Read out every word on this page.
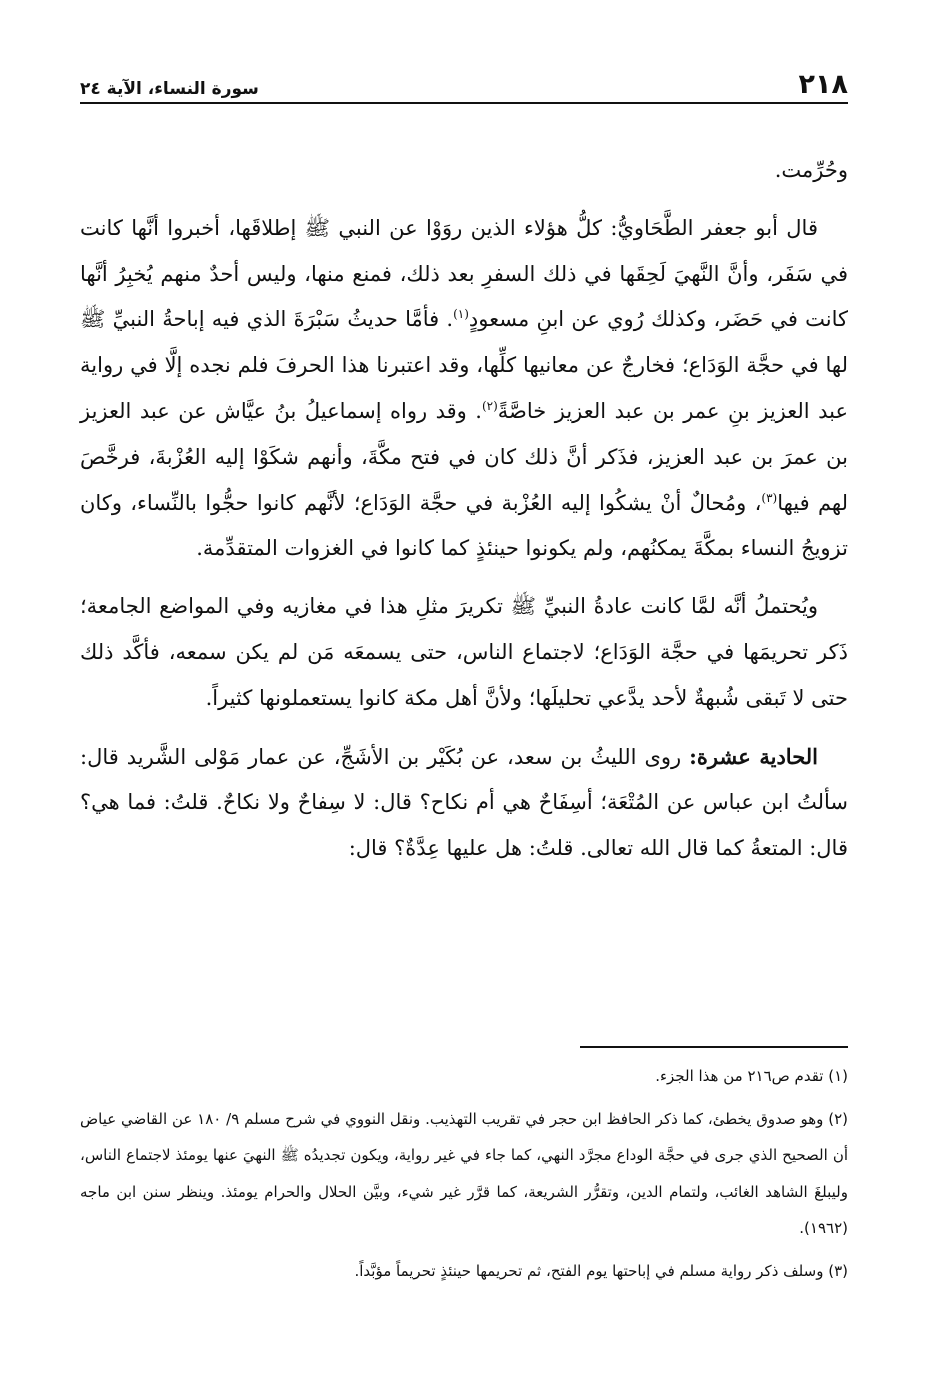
٢١٨
سورة النساء، الآية ٢٤

وحُرِّمت.

قال أبو جعفر الطَّحَاويُّ: كلُّ هؤلاء الذين روَوْا عن النبي ﷺ إطلاقَها، أخبروا أنَّها كانت في سَفَر، وأنَّ النَّهيَ لَحِقَها في ذلك السفرِ بعد ذلك، فمنع منها، وليس أحدٌ منهم يُخبِرُ أنَّها كانت في حَضَر، وكذلك رُوي عن ابنِ مسعودٍ$^{(١)}$. فأمَّا حديثُ سَبْرَةَ الذي فيه إباحةُ النبيِّ ﷺ لها في حجَّة الوَدَاع؛ فخارجٌ عن معانيها كلِّها، وقد اعتبرنا هذا الحرفَ فلم نجده إلَّا في رواية عبد العزيز بنِ عمر بن عبد العزيز خاصَّةً$^{(٢)}$. وقد رواه إسماعيلُ بنُ عيَّاش عن عبد العزيز بن عمرَ بن عبد العزيز، فذَكر أنَّ ذلك كان في فتح مكَّةَ، وأنهم شكَوْا إليه العُزْبةَ، فرخَّصَ لهم فيها$^{(٣)}$، ومُحالٌ أنْ يشكُوا إليه العُزْبة في حجَّة الوَدَاع؛ لأنَّهم كانوا حجُّوا بالنِّساء، وكان تزويجُ النساء بمكَّةَ يمكنُهم، ولم يكونوا حينئذٍ كما كانوا في الغزوات المتقدِّمة.

ويُحتملُ أنَّه لمَّا كانت عادةُ النبيِّ ﷺ تكريرَ مثلِ هذا في مغازيه وفي المواضع الجامعة؛ ذَكر تحريمَها في حجَّة الوَدَاع؛ لاجتماع الناس، حتى يسمعَه مَن لم يكن سمعه، فأكَّد ذلك حتى لا تَبقى شُبهةٌ لأحد يدَّعي تحليلَها؛ ولأنَّ أهل مكة كانوا يستعملونها كثيراً.

الحادية عشرة: روى الليثُ بن سعد، عن بُكَيْر بن الأشَجِّ، عن عمار مَوْلى الشَّريد قال: سألتُ ابن عباس عن المُتْعَة؛ أسِفَاحٌ هي أم نكاح؟ قال: لا سِفاحٌ ولا نكاحٌ. قلتُ: فما هي؟ قال: المتعةُ كما قال الله تعالى. قلتُ: هل عليها عِدَّةٌ؟ قال:

(١) تقدم ص٢١٦ من هذا الجزء.

(٢) وهو صدوق يخطئ، كما ذكر الحافظ ابن حجر في تقريب التهذيب. ونقل النووي في شرح مسلم ٩/ ١٨٠ عن القاضي عياض أن الصحيح الذي جرى في حجَّة الوداع مجرَّد النهي، كما جاء في غير رواية، ويكون تجديدُه ﷺ النهيَ عنها يومئذ لاجتماع الناس، وليبلغَ الشاهد الغائب، ولتمام الدين، وتقرُّر الشريعة، كما قرَّر غير شيء، وبيَّن الحلال والحرام يومئذ. وينظر سنن ابن ماجه (١٩٦٢).

(٣) وسلف ذكر رواية مسلم في إباحتها يوم الفتح، ثم تحريمها حينئذٍ تحريماً مؤبَّداً.
